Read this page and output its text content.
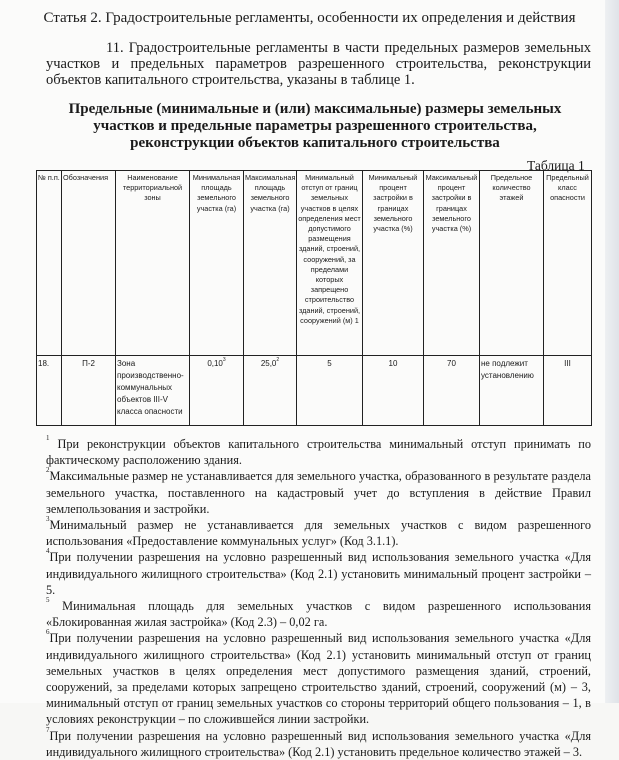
Статья 2. Градостроительные регламенты, особенности их определения и действия
11. Градостроительные регламенты в части предельных размеров земельных участков и предельных параметров разрешенного строительства, реконструкции объектов капитального строительства, указаны в таблице 1.
Предельные (минимальные и (или) максимальные) размеры земельных участков и предельные параметры разрешенного строительства, реконструкции объектов капитального строительства
Таблица 1
№ п.п.	Обозначения	Наименование территориальной зоны	Минимальная площадь земельного участка (га)	Максимальная площадь земельного участка (га)	Минимальный отступ от границ земельных участков в целях определения мест допустимого размещения зданий, строений, сооружений, за пределами которых запрещено строительство зданий, строений, сооружений (м) 1	Минимальный процент застройки в границах земельного участка (%)	Максимальный процент застройки в границах земельного участка (%)	Предельное количество этажей	Предельный класс опасности
18.	П-2	Зона производственно-коммунальных объектов III-V класса опасности	0,10$^3$	25,0$^2$	5	10	70	не подлежит установлению	III

$^1$ При реконструкции объектов капитального строительства минимальный отступ принимать по фактическому расположению здания.

$^2$Максимальные размер не устанавливается для земельного участка, образованного в результате раздела земельного участка, поставленного на кадастровый учет до вступления в действие Правил землепользования и застройки.

$^3$Минимальный размер не устанавливается для земельных участков с видом разрешенного использования «Предоставление коммунальных услуг» (Код 3.1.1).

$^4$При получении разрешения на условно разрешенный вид использования земельного участка «Для индивидуального жилищного строительства» (Код 2.1) установить минимальный процент застройки – 5.

$^5$ Минимальная площадь для земельных участков с видом разрешенного использования «Блокированная жилая застройка» (Код 2.3) – 0,02 га.

$^6$При получении разрешения на условно разрешенный вид использования земельного участка «Для индивидуального жилищного строительства» (Код 2.1) установить минимальный отступ от границ земельных участков в целях определения мест допустимого размещения зданий, строений, сооружений, за пределами которых запрещено строительство зданий, строений, сооружений (м) – 3, минимальный отступ от границ земельных участков со стороны территорий общего пользования – 1, в условиях реконструкции – по сложившейся линии застройки.

$^7$При получении разрешения на условно разрешенный вид использования земельного участка «Для индивидуального жилищного строительства» (Код 2.1) установить предельное количество этажей – 3.
